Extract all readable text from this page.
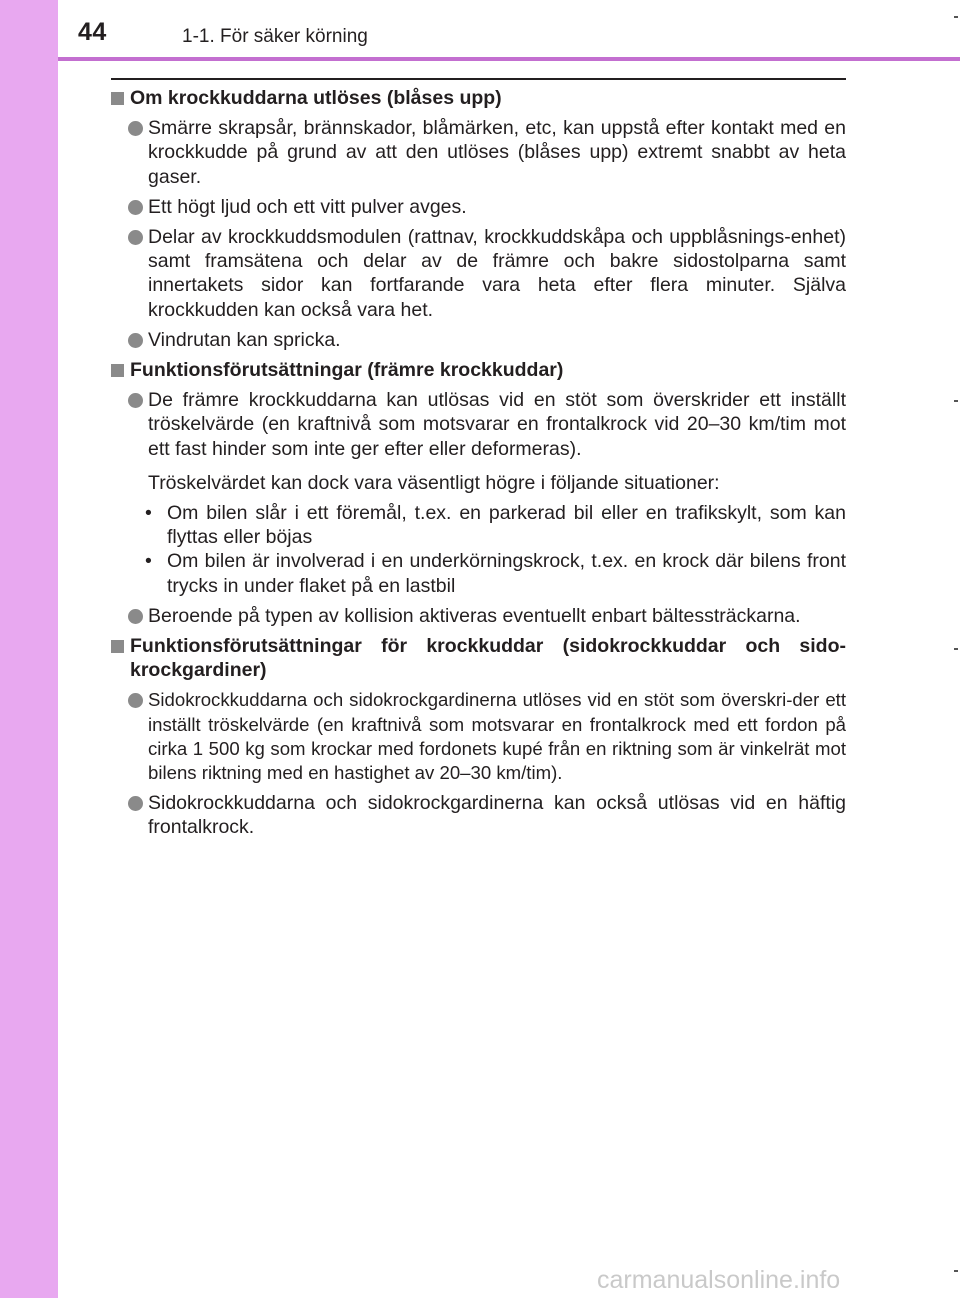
44	1-1. För säker körning
Om krockkuddarna utlöses (blåses upp)
Smärre skrapsår, brännskador, blåmärken, etc, kan uppstå efter kontakt med en krockkudde på grund av att den utlöses (blåses upp) extremt snabbt av heta gaser.
Ett högt ljud och ett vitt pulver avges.
Delar av krockkuddsmodulen (rattnav, krockkuddskåpa och uppblåsnings-enhet) samt framsätena och delar av de främre och bakre sidostolparna samt innertakets sidor kan fortfarande vara heta efter flera minuter. Själva krockkudden kan också vara het.
Vindrutan kan spricka.
Funktionsförutsättningar (främre krockkuddar)
De främre krockkuddarna kan utlösas vid en stöt som överskrider ett inställt tröskelvärde (en kraftnivå som motsvarar en frontalkrock vid 20–30 km/tim mot ett fast hinder som inte ger efter eller deformeras).
Tröskelvärdet kan dock vara väsentligt högre i följande situationer:
• Om bilen slår i ett föremål, t.ex. en parkerad bil eller en trafikskylt, som kan flyttas eller böjas
• Om bilen är involverad i en underkörningskrock, t.ex. en krock där bilens front trycks in under flaket på en lastbil
Beroende på typen av kollision aktiveras eventuellt enbart bältessträckarna.
Funktionsförutsättningar för krockkuddar (sidokrockkuddar och sido-krockgardiner)
Sidokrockkuddarna och sidokrockgardinerna utlöses vid en stöt som överskri-der ett inställt tröskelvärde (en kraftnivå som motsvarar en frontalkrock med ett fordon på cirka 1 500 kg som krockar med fordonets kupé från en riktning som är vinkelrät mot bilens riktning med en hastighet av 20–30 km/tim).
Sidokrockkuddarna och sidokrockgardinerna kan också utlösas vid en häftig frontalkrock.
carmanualsonline.info
